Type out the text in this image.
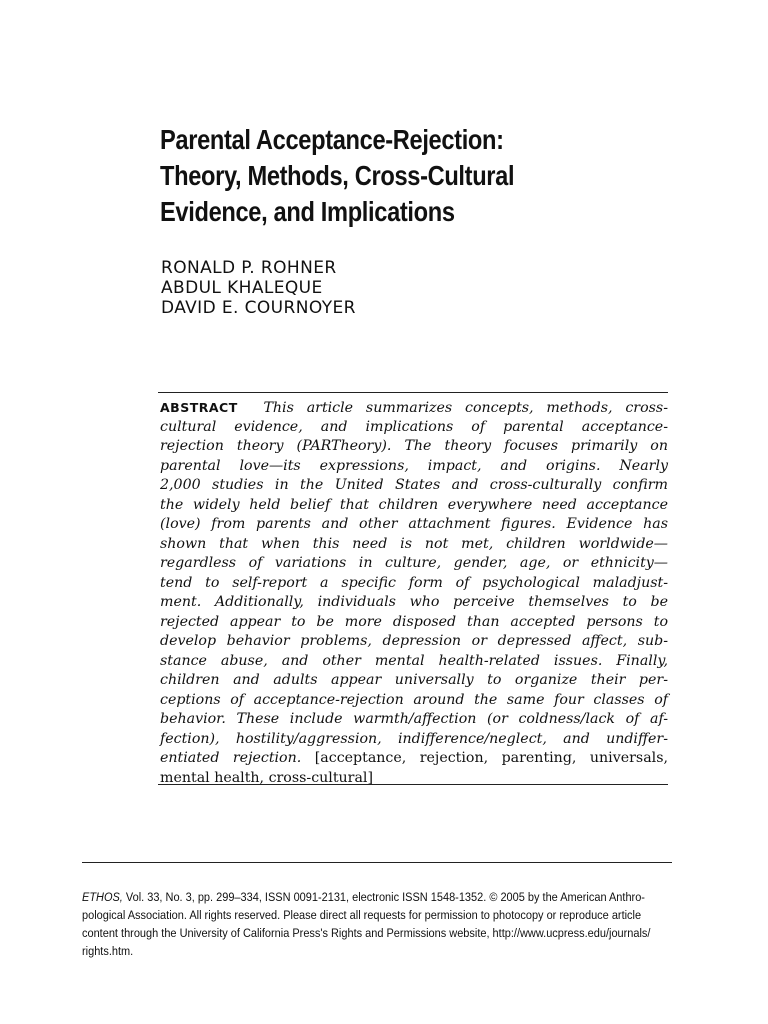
Parental Acceptance-Rejection:
Theory, Methods, Cross-Cultural
Evidence, and Implications
RONALD P. ROHNER
ABDUL KHALEQUE
DAVID E. COURNOYER
ABSTRACT This article summarizes concepts, methods, cross-
cultural evidence, and implications of parental acceptance-
rejection theory (PARTheory). The theory focuses primarily on
parental love—its expressions, impact, and origins. Nearly
2,000 studies in the United States and cross-culturally confirm
the widely held belief that children everywhere need acceptance
(love) from parents and other attachment figures. Evidence has
shown that when this need is not met, children worldwide—
regardless of variations in culture, gender, age, or ethnicity—
tend to self-report a specific form of psychological maladjust-
ment. Additionally, individuals who perceive themselves to be
rejected appear to be more disposed than accepted persons to
develop behavior problems, depression or depressed affect, sub-
stance abuse, and other mental health-related issues. Finally,
children and adults appear universally to organize their per-
ceptions of acceptance-rejection around the same four classes of
behavior. These include warmth/affection (or coldness/lack of af-
fection), hostility/aggression, indifference/neglect, and undiffer-
entiated rejection. [acceptance, rejection, parenting, universals,
mental health, cross-cultural]
ETHOS, Vol. 33, No. 3, pp. 299–334, ISSN 0091-2131, electronic ISSN 1548-1352. © 2005 by the American Anthro-
pological Association. All rights reserved. Please direct all requests for permission to photocopy or reproduce article
content through the University of California Press's Rights and Permissions website, http://www.ucpress.edu/journals/
rights.htm.
